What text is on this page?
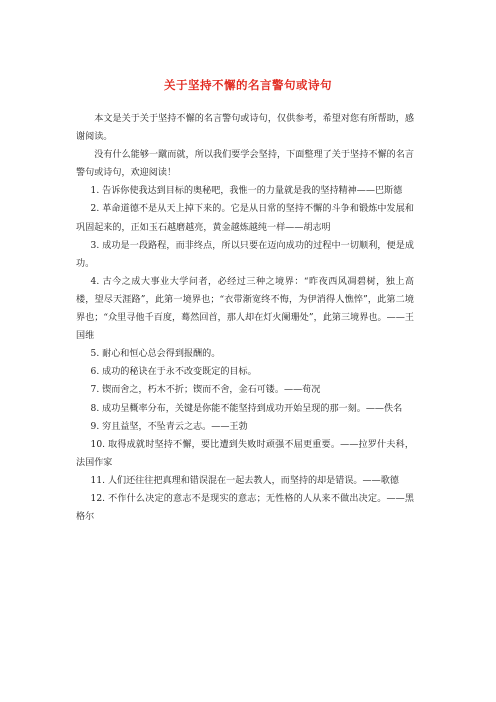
关于坚持不懈的名言警句或诗句

本文是关于关于坚持不懈的名言警句或诗句，仅供参考，希望对您有所帮助，感谢阅读。

没有什么能够一蹴而就，所以我们要学会坚持，下面整理了关于坚持不懈的名言警句或诗句，欢迎阅读！

1. 告诉你使我达到目标的奥秘吧，我惟一的力量就是我的坚持精神——巴斯德

2. 革命道德不是从天上掉下来的。它是从日常的坚持不懈的斗争和锻炼中发展和巩固起来的，正如玉石越磨越亮，黄金越炼越纯一样——胡志明

3. 成功是一段路程，而非终点，所以只要在迈向成功的过程中一切顺利，便是成功。

4. 古今之成大事业大学问者，必经过三种之境界：“昨夜西风凋碧树，独上高楼，望尽天涯路”，此第一境界也；“衣带渐宽终不悔，为伊消得人憔悴”，此第二境界也；“众里寻他千百度，蓦然回首，那人却在灯火阑珊处”，此第三境界也。——王国维

5. 耐心和恒心总会得到报酬的。

6. 成功的秘诀在于永不改变既定的目标。

7. 锲而舍之，朽木不折；锲而不舍，金石可镂。——荀况

8. 成功呈概率分布，关键是你能不能坚持到成功开始呈现的那一刻。——佚名

9. 穷且益坚，不坠青云之志。——王勃

10. 取得成就时坚持不懈，要比遭到失败时顽强不屈更重要。——拉罗什夫科，法国作家

11. 人们还往往把真理和错误混在一起去教人，而坚持的却是错误。——歌德

12. 不作什么决定的意志不是现实的意志；无性格的人从来不做出决定。——黑格尔
